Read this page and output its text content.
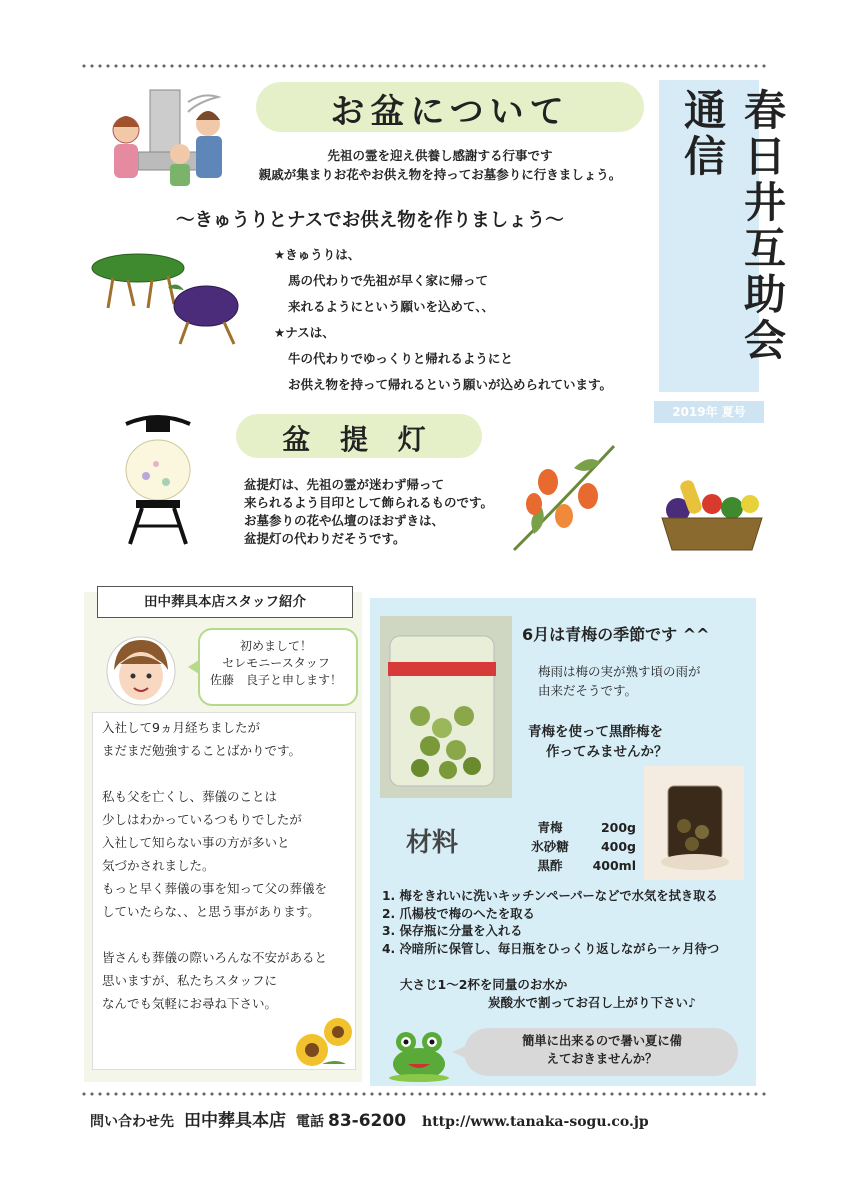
お盆について
先祖の霊を迎え供養し感謝する行事です
親戚が集まりお花やお供え物を持ってお墓参りに行きましょう。	春日井互助会通信
2019年 夏号
～きゅうりとナスでお供え物を作りましょう～
★きゅうりは、
馬の代わりで先祖が早く家に帰って
来れるようにという願いを込めて、、
★ナスは、
牛の代わりでゆっくりと帰れるようにと
お供え物を持って帰れるという願いが込められています。
盆 提 灯
盆提灯は、先祖の霊が迷わず帰って
来られるよう目印として飾られるものです。
お墓参りの花や仏壇のほおずきは、
盆提灯の代わりだそうです。
田中葬具本店スタッフ紹介
初めまして！
セレモニースタッフ
佐藤　良子と申します！
入社して9ヵ月経ちましたが
まだまだ勉強することばかりです。

私も父を亡くし、葬儀のことは
少しはわかっているつもりでしたが
入社して知らない事の方が多いと
気づかされました。
もっと早く葬儀の事を知って父の葬儀を
していたらな、、と思う事があります。

皆さんも葬儀の際いろんな不安があると
思いますが、私たちスタッフに
なんでも気軽にお尋ね下さい。
6月は青梅の季節です ^^
梅雨は梅の実が熟す頃の雨が
由来だそうです。
青梅を使って黒酢梅を
作ってみませんか？
材料
青梅	200g
氷砂糖	400g
黒酢	400ml
1. 梅をきれいに洗いキッチンペーパーなどで水気を拭き取る
2. 爪楊枝で梅のへたを取る
3. 保存瓶に分量を入れる
4. 冷暗所に保管し、毎日瓶をひっくり返しながら一ヶ月待つ
大さじ1～2杯を同量のお水か
炭酸水で割ってお召し上がり下さい♪
簡単に出来るので暑い夏に備
えておきませんか？
問い合わせ先 田中葬具本店 電話 83-6200 http://www.tanaka-sogu.co.jp
